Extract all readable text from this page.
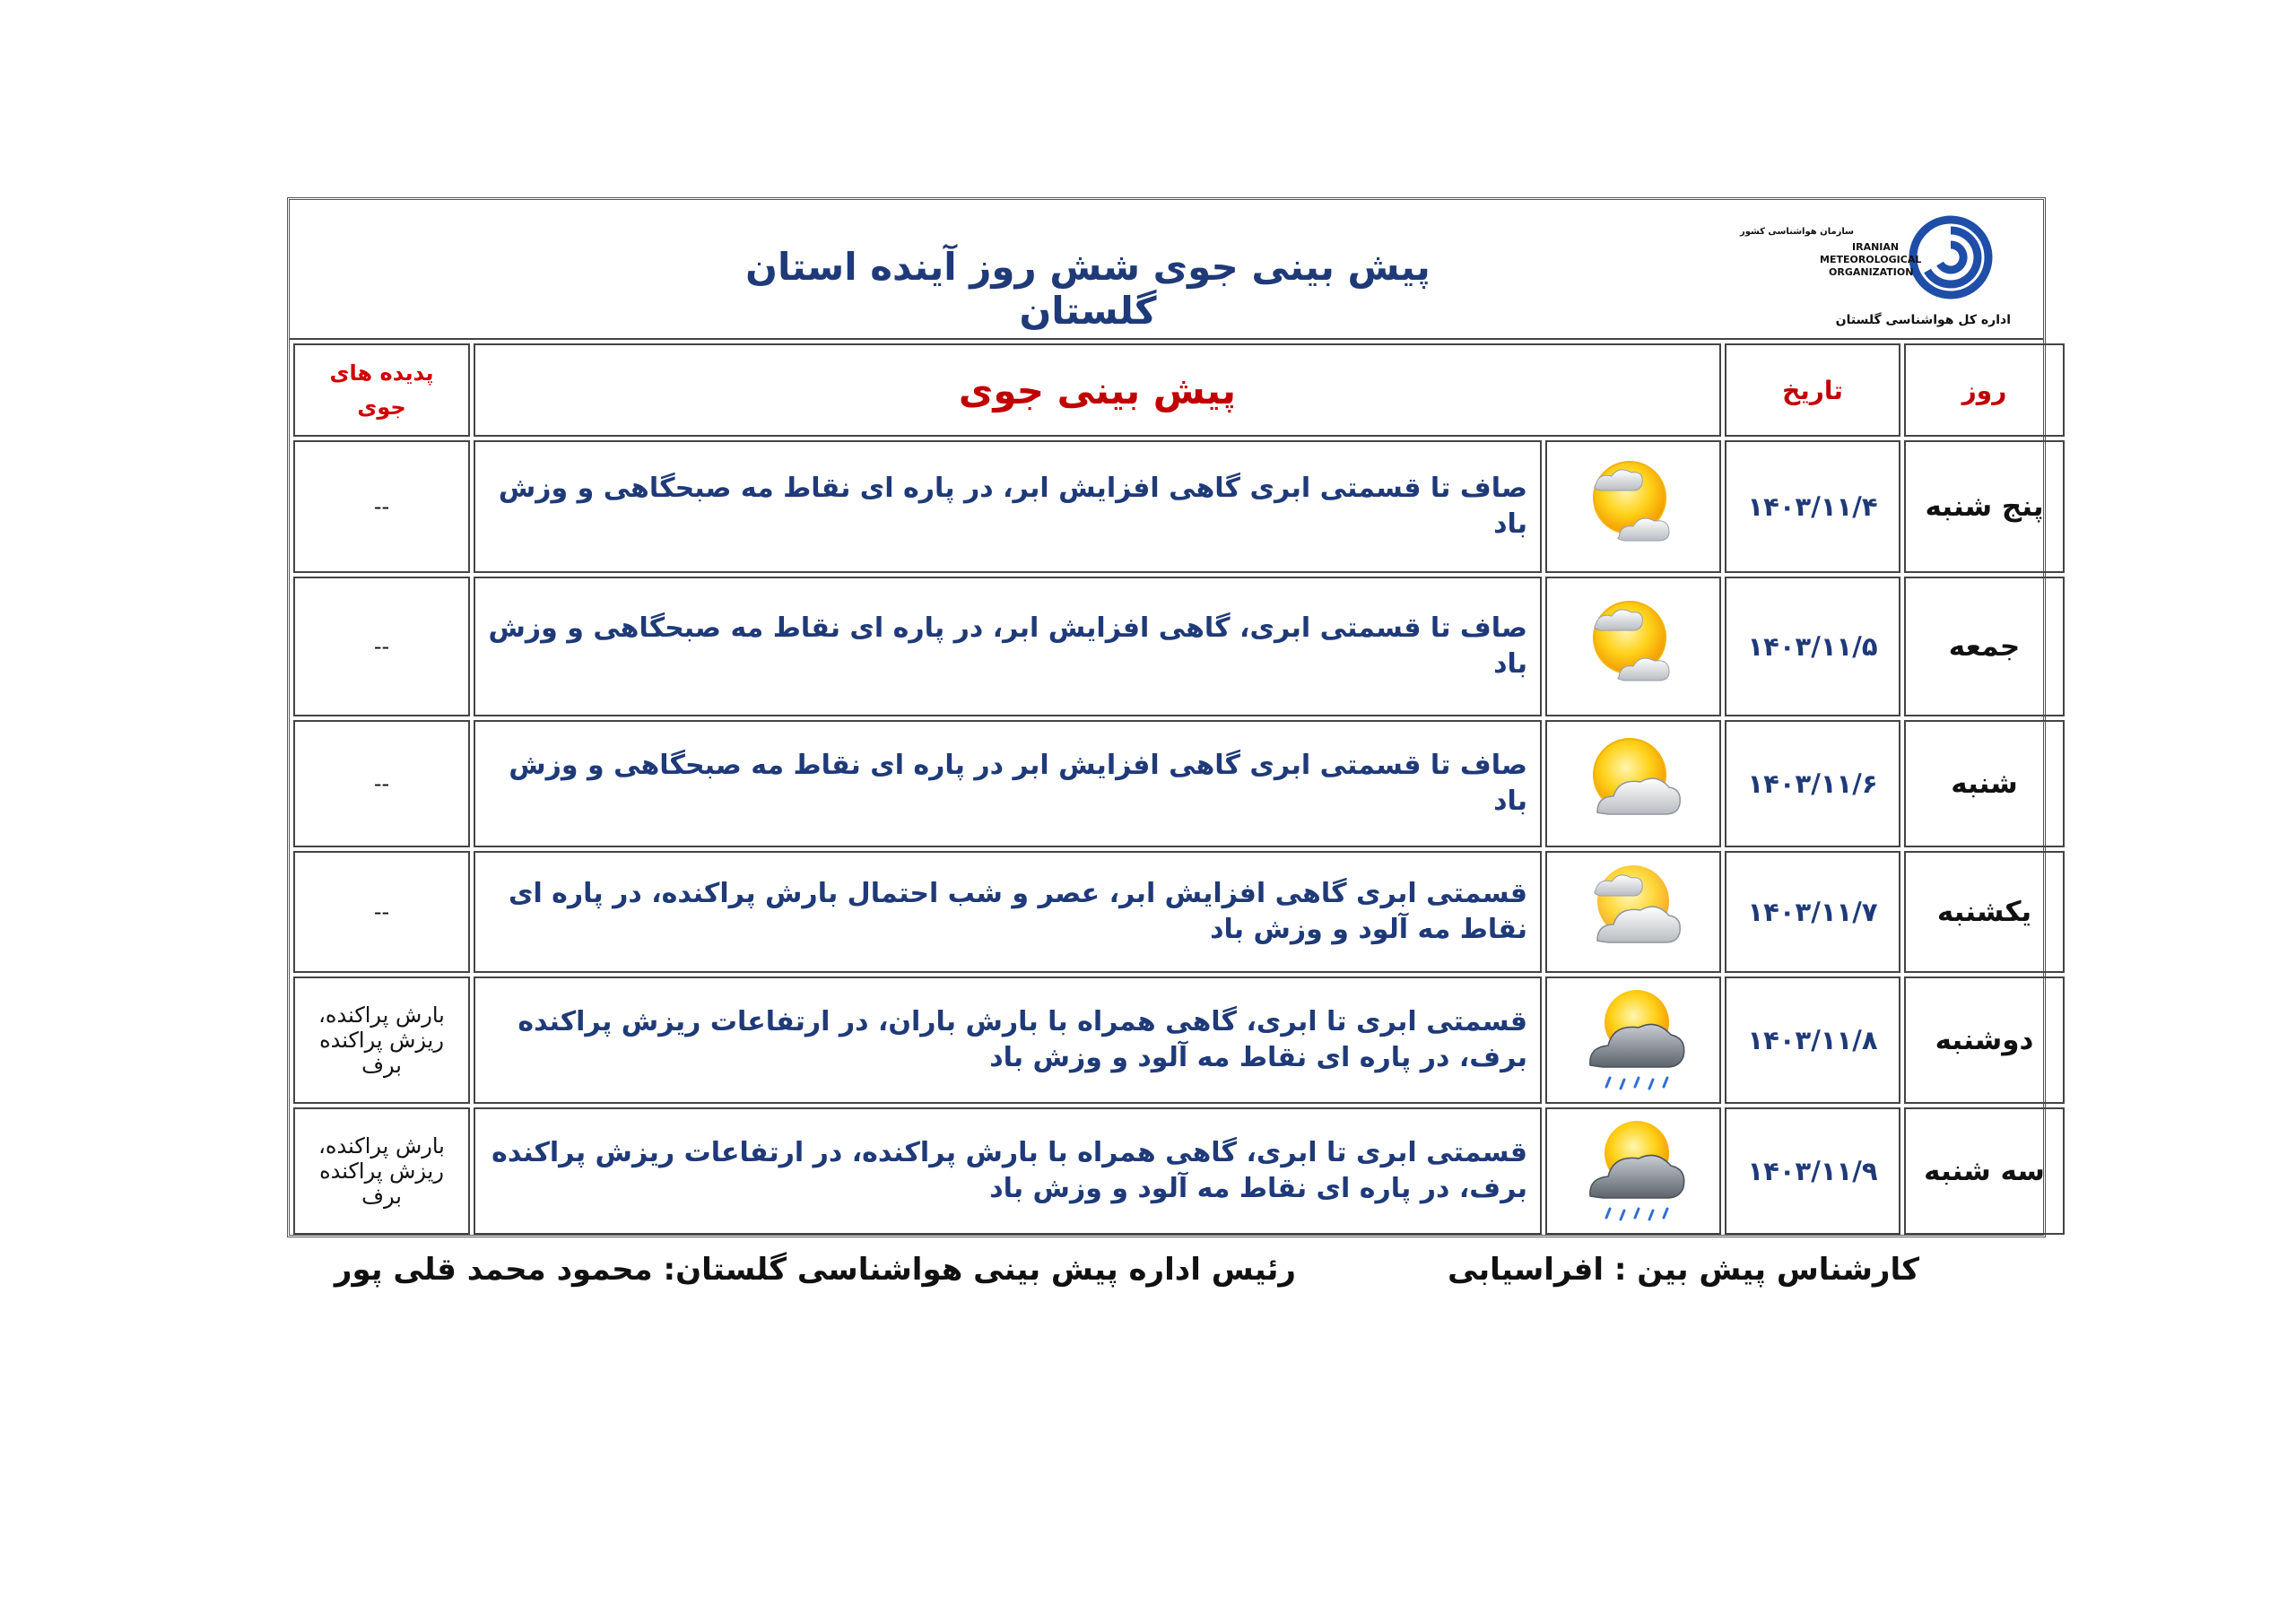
پیش بینی جوی شش روز آینده استان گلستان
سازمان هواشناسی کشور
IRANIAN
METEOROLOGICAL
ORGANIZATION
اداره کل هواشناسی گلستان
روز	تاریخ	پیش بینی جوی		پدیده های
جوی

پنج شنبه	۱۴۰۳/۱۱/۴		صاف تا قسمتی ابری گاهی افزایش ابر، در پاره ای نقاط مه صبحگاهی و وزش باد	--

جمعه	۱۴۰۳/۱۱/۵		صاف تا قسمتی ابری، گاهی افزایش ابر، در پاره ای نقاط مه صبحگاهی و وزش باد	--

شنبه	۱۴۰۳/۱۱/۶		صاف تا قسمتی ابری گاهی افزایش ابر در پاره ای نقاط مه صبحگاهی و وزش باد	--

یکشنبه	۱۴۰۳/۱۱/۷		قسمتی ابری گاهی افزایش ابر، عصر و شب احتمال بارش پراکنده، در پاره ای نقاط مه آلود و وزش باد	--

دوشنبه	۱۴۰۳/۱۱/۸		قسمتی ابری تا ابری، گاهی همراه با بارش باران، در ارتفاعات ریزش پراکنده برف، در پاره ای نقاط مه آلود و وزش باد	بارش پراکنده،
ریزش پراکنده
برف

سه شنبه	۱۴۰۳/۱۱/۹		قسمتی ابری تا ابری، گاهی همراه با بارش پراکنده، در ارتفاعات ریزش پراکنده برف، در پاره ای نقاط مه آلود و وزش باد	بارش پراکنده،
ریزش پراکنده
برف
کارشناس پیش بین : افراسیابی
رئیس اداره پیش بینی هواشناسی گلستان: محمود محمد قلی پور
